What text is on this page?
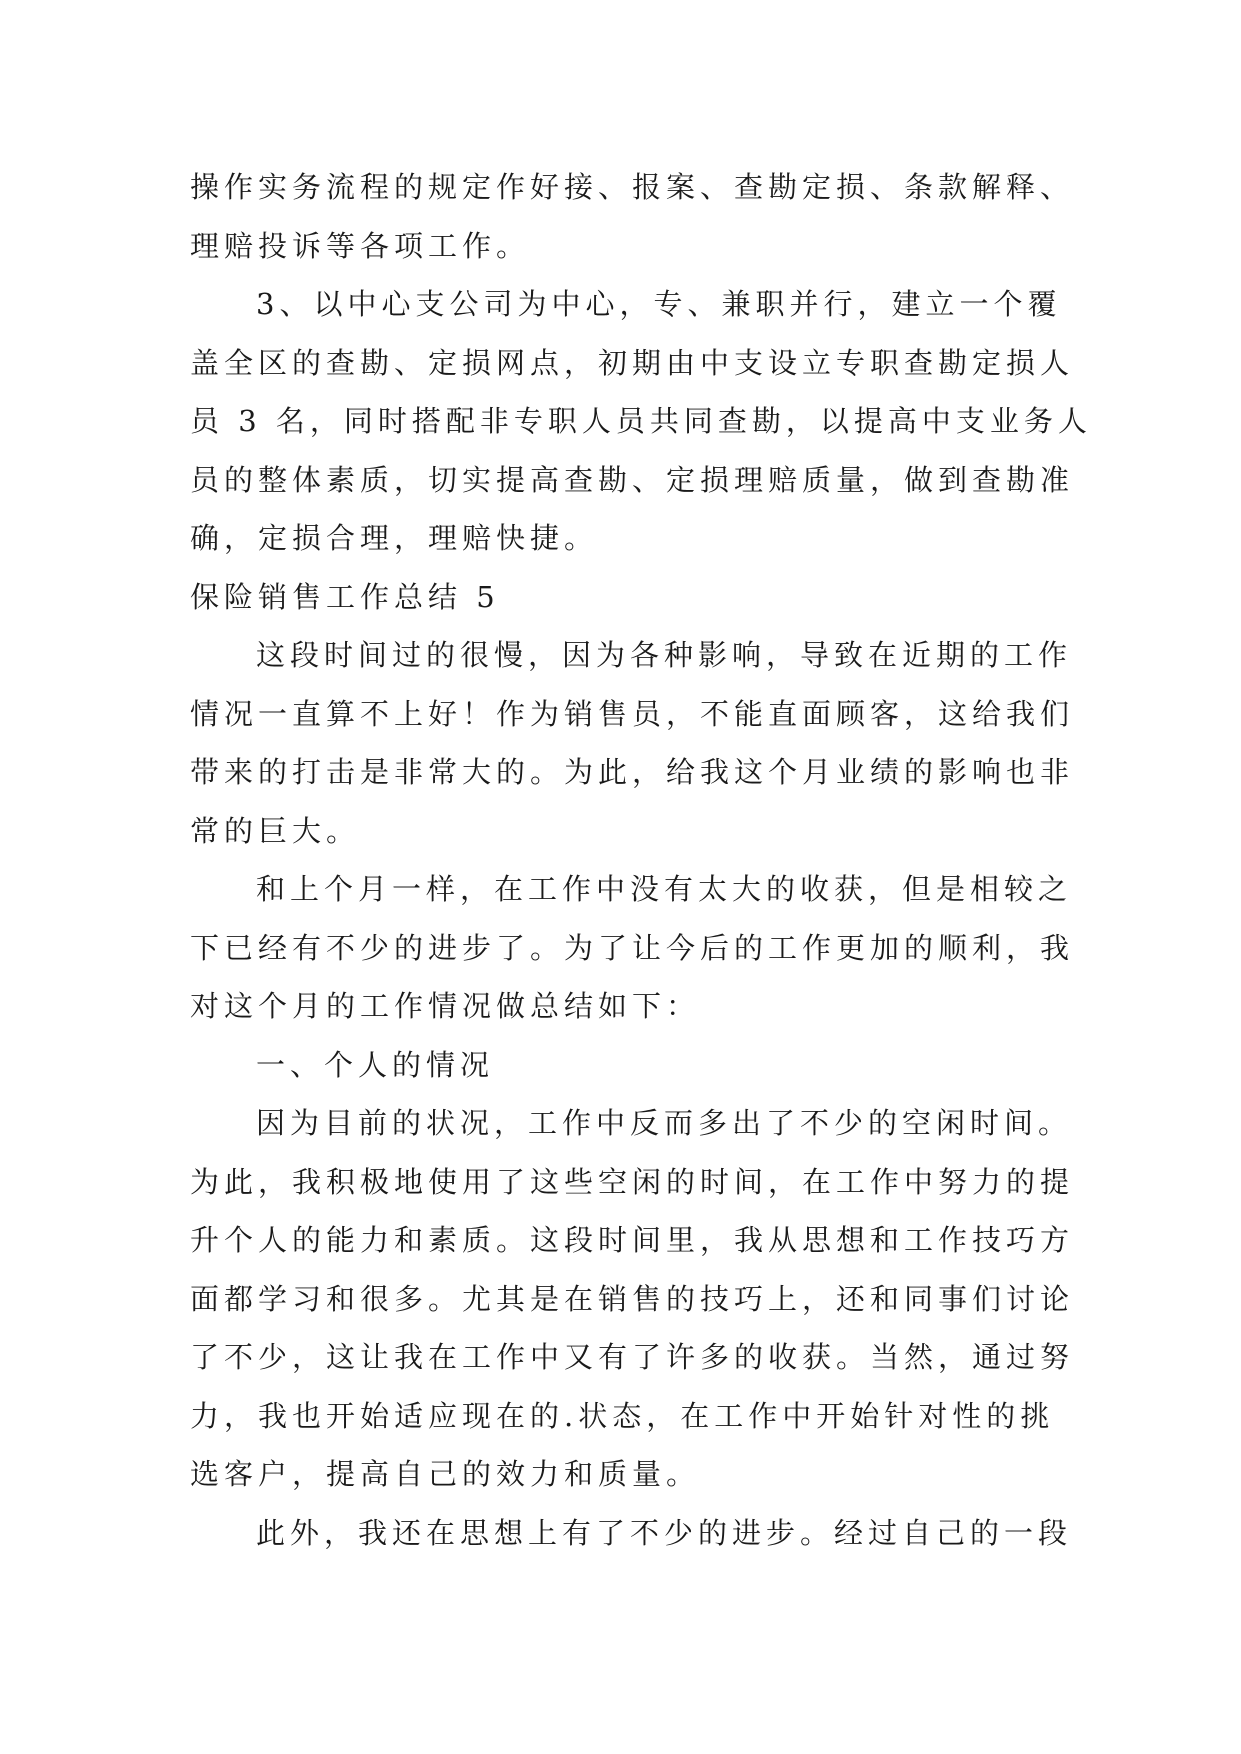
操作实务流程的规定作好接、报案、查勘定损、条款解释、
理赔投诉等各项工作。
3、以中心支公司为中心，专、兼职并行，建立一个覆
盖全区的查勘、定损网点，初期由中支设立专职查勘定损人
员 3 名，同时搭配非专职人员共同查勘，以提高中支业务人
员的整体素质，切实提高查勘、定损理赔质量，做到查勘准
确，定损合理，理赔快捷。
保险销售工作总结 5
这段时间过的很慢，因为各种影响，导致在近期的工作
情况一直算不上好！作为销售员，不能直面顾客，这给我们
带来的打击是非常大的。为此，给我这个月业绩的影响也非
常的巨大。
和上个月一样，在工作中没有太大的收获，但是相较之
下已经有不少的进步了。为了让今后的工作更加的顺利，我
对这个月的工作情况做总结如下：
一、个人的情况
因为目前的状况，工作中反而多出了不少的空闲时间。
为此，我积极地使用了这些空闲的时间，在工作中努力的提
升个人的能力和素质。这段时间里，我从思想和工作技巧方
面都学习和很多。尤其是在销售的技巧上，还和同事们讨论
了不少，这让我在工作中又有了许多的收获。当然，通过努
力，我也开始适应现在的.状态，在工作中开始针对性的挑
选客户，提高自己的效力和质量。
此外，我还在思想上有了不少的进步。经过自己的一段
